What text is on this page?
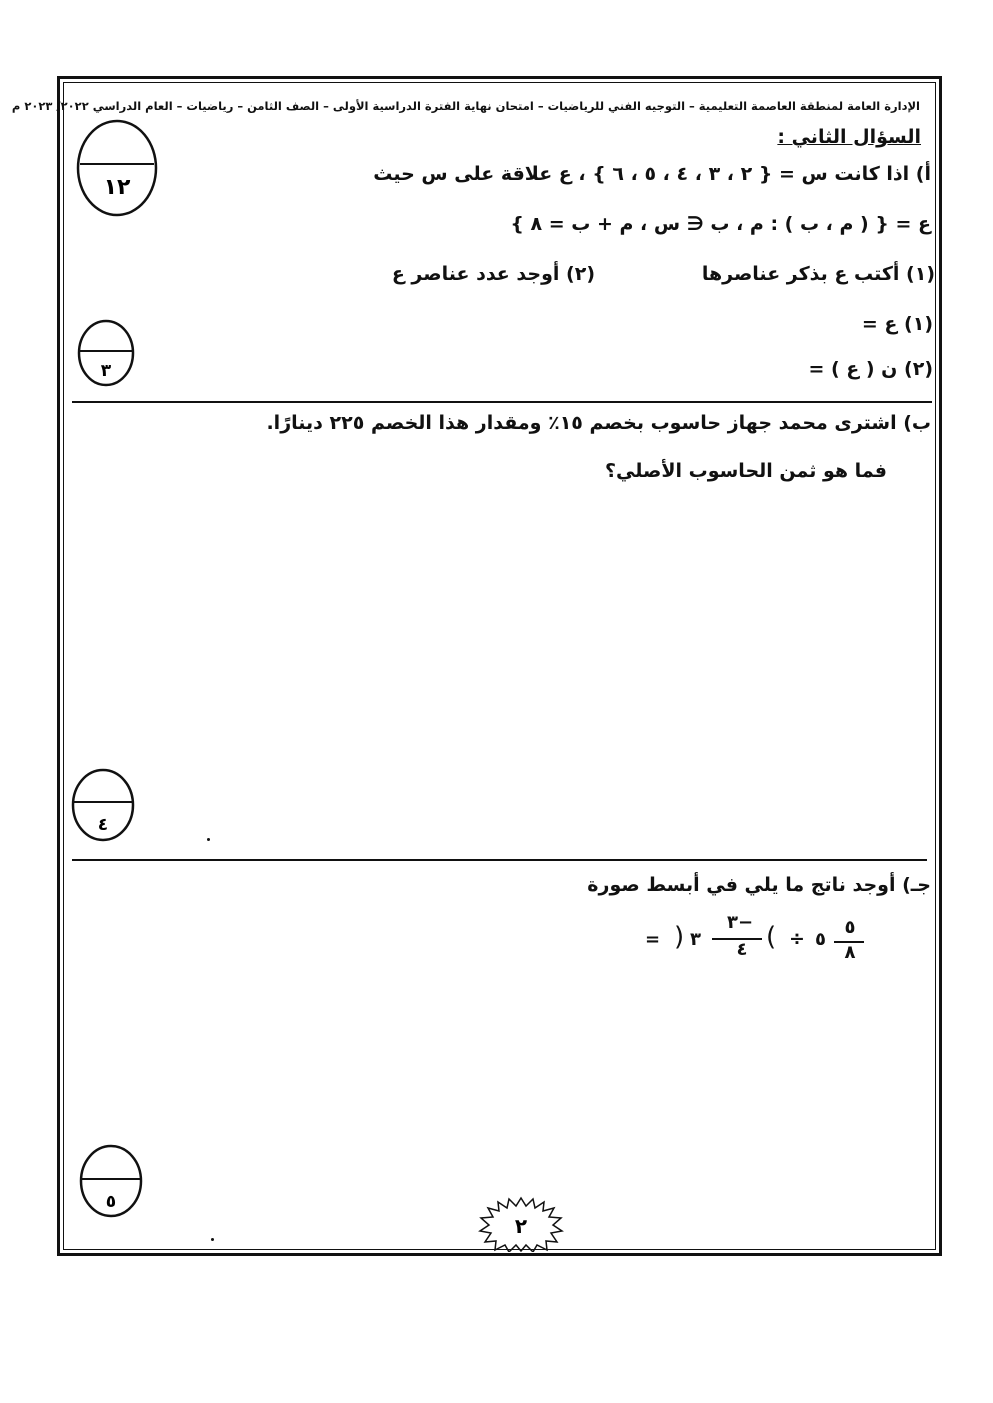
الإدارة العامة لمنطقة العاصمة التعليمية – التوجيه الفني للرياضيات – امتحان نهاية الفترة الدراسية الأولى – الصف الثامن – رياضيات – العام الدراسي ٢٠٢٢/ ٢٠٢٣ م
السؤال الثاني :
١٢
أ) اذا كانت س = { ٢ ، ٣ ، ٤ ، ٥ ، ٦ } ، ع علاقة على س حيث
ع = { ( م ، ب ) : م ، ب ∈ س ، م + ب = ٨ }
(١) أكتب ع بذكر عناصرها
(٢) أوجد عدد عناصر ع
(١) ع =
(٢) ن ( ع ) =
٣
ب) اشترى محمد جهاز حاسوب بخصم ١٥٪ ومقدار هذا الخصم ٢٢٥ دينارًا.
فما هو ثمن الحاسوب الأصلي؟
٤
جـ) أوجد ناتج ما يلي في أبسط صورة
٥
٨
٥
÷
(
٣−
٤
٣
)
=
٥
٢
